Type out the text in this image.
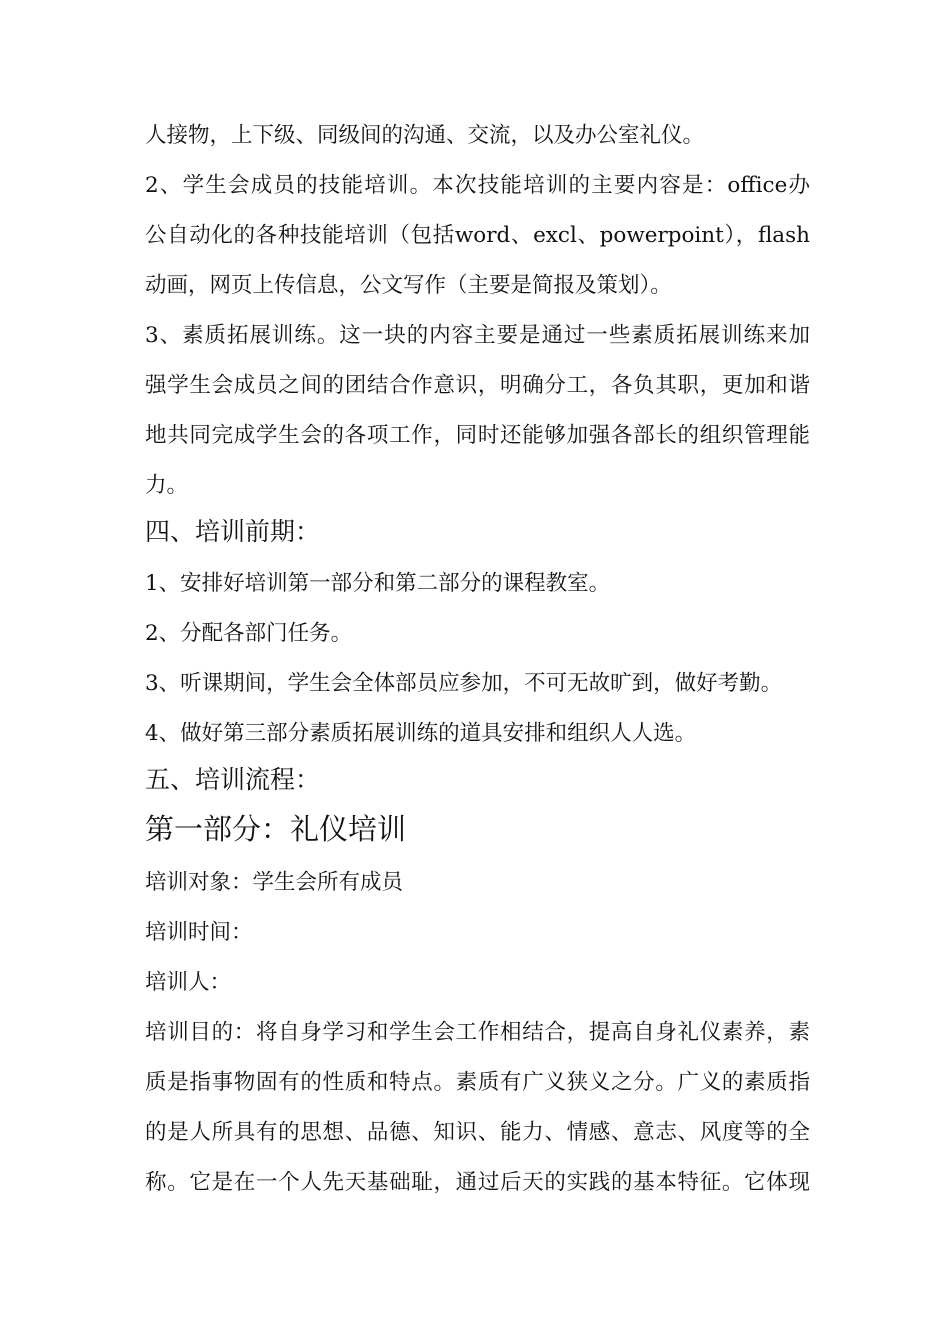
人接物，上下级、同级间的沟通、交流，以及办公室礼仪。
2、学生会成员的技能培训。本次技能培训的主要内容是：office办
公自动化的各种技能培训（包括word、excl、powerpoint），flash
动画，网页上传信息，公文写作（主要是简报及策划）。
3、素质拓展训练。这一块的内容主要是通过一些素质拓展训练来加
强学生会成员之间的团结合作意识，明确分工，各负其职，更加和谐
地共同完成学生会的各项工作，同时还能够加强各部长的组织管理能
力。
四、培训前期：
1、安排好培训第一部分和第二部分的课程教室。
2、分配各部门任务。
3、听课期间，学生会全体部员应参加，不可无故旷到，做好考勤。
4、做好第三部分素质拓展训练的道具安排和组织人人选。
五、培训流程：
第一部分：礼仪培训
培训对象：学生会所有成员
培训时间：
培训人：
培训目的：将自身学习和学生会工作相结合，提高自身礼仪素养，素
质是指事物固有的性质和特点。素质有广义狭义之分。广义的素质指
的是人所具有的思想、品德、知识、能力、情感、意志、风度等的全
称。它是在一个人先天基础耻，通过后天的实践的基本特征。它体现
